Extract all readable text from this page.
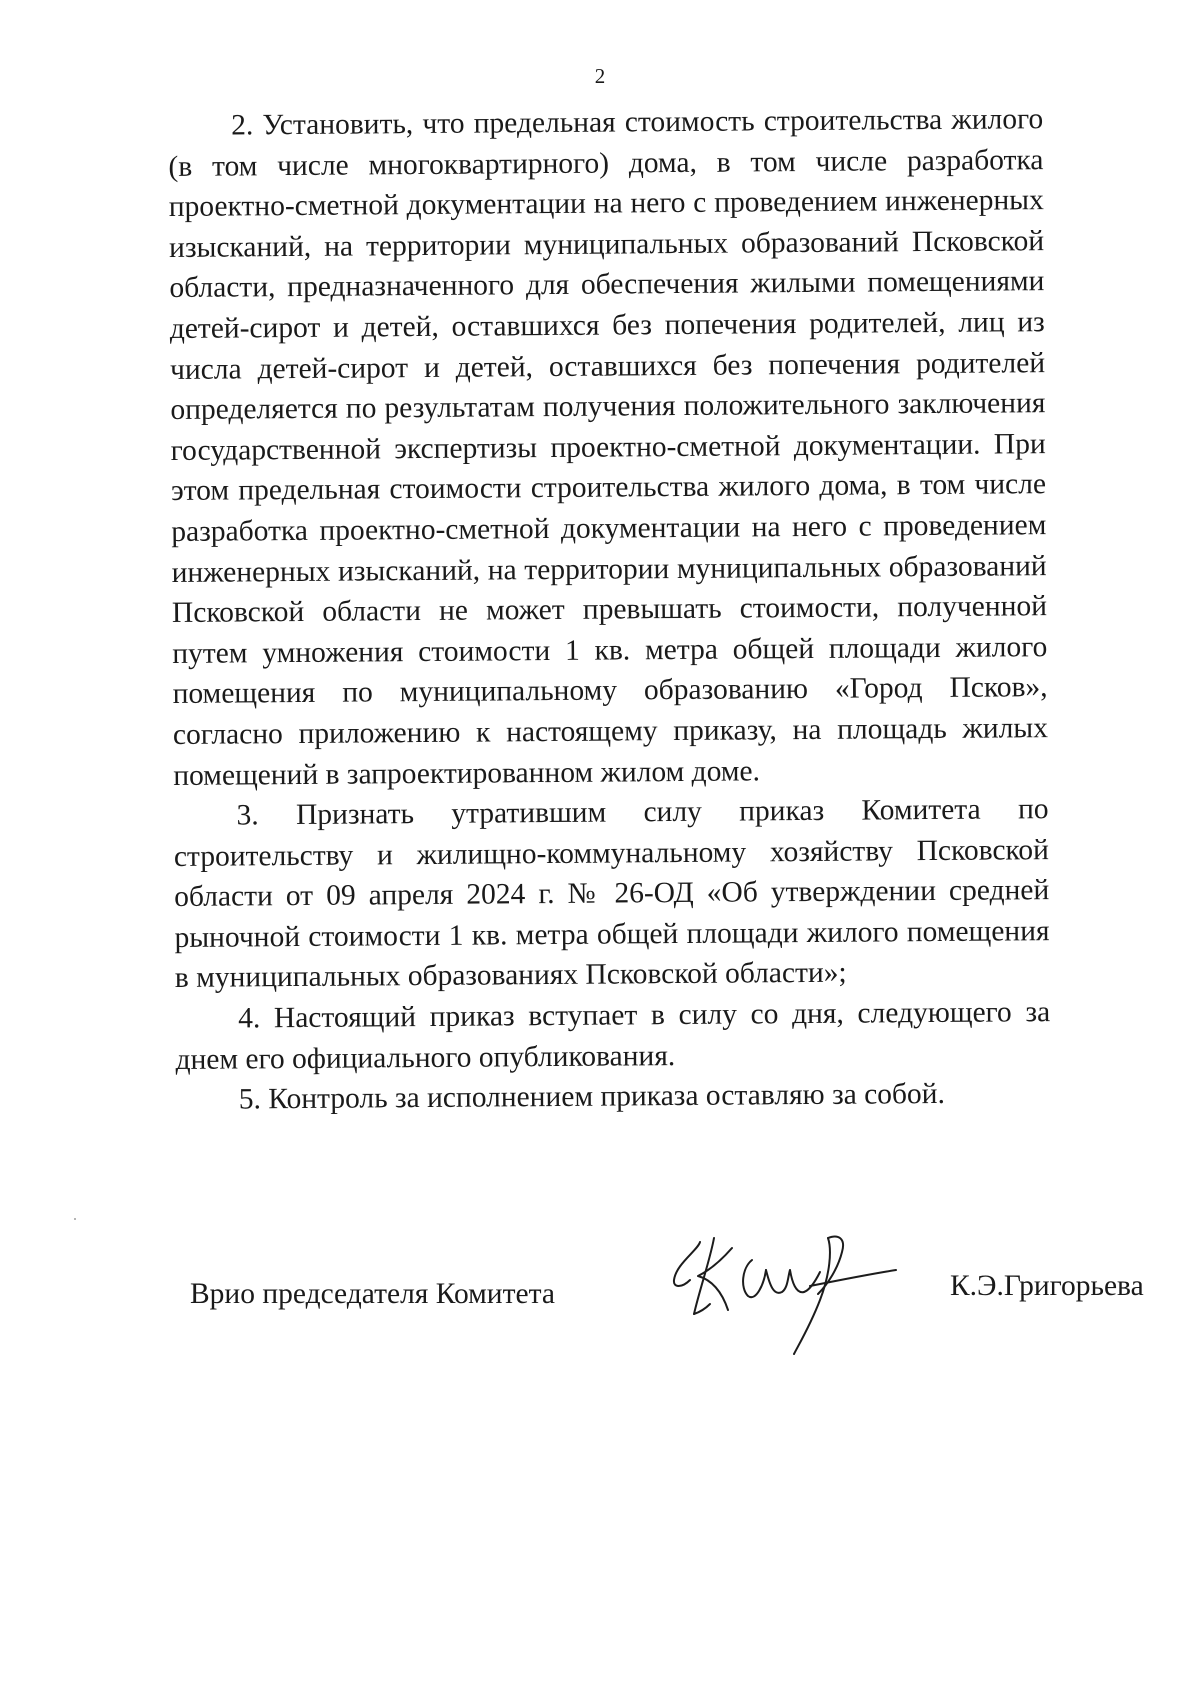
2

2. Установить, что предельная стоимость строительства жилого (в том числе многоквартирного) дома, в том числе разработка проектно-сметной документации на него с проведением инженерных изысканий, на территории муниципальных образований Псковской области, предназначенного для обеспечения жилыми помещениями детей-сирот и детей, оставшихся без попечения родителей, лиц из числа детей-сирот и детей, оставшихся без попечения родителей определяется по результатам получения положительного заключения государственной экспертизы проектно-сметной документации. При этом предельная стоимости строительства жилого дома, в том числе разработка проектно-сметной документации на него с проведением инженерных изысканий, на территории муниципальных образований Псковской области не может превышать стоимости, полученной путем умножения стоимости 1 кв. метра общей площади жилого помещения по муниципальному образованию «Город Псков», согласно приложению к настоящему приказу, на площадь жилых помещений в запроектированном жилом доме.

3. Признать утратившим силу приказ Комитета по строительству и жилищно-коммунальному хозяйству Псковской области от 09 апреля 2024 г. № 26-ОД «Об утверждении средней рыночной стоимости 1 кв. метра общей площади жилого помещения в муниципальных образованиях Псковской области»;

4. Настоящий приказ вступает в силу со дня, следующего за днем его официального опубликования.

5. Контроль за исполнением приказа оставляю за собой.

Врио председателя Комитета	К.Э.Григорьева
